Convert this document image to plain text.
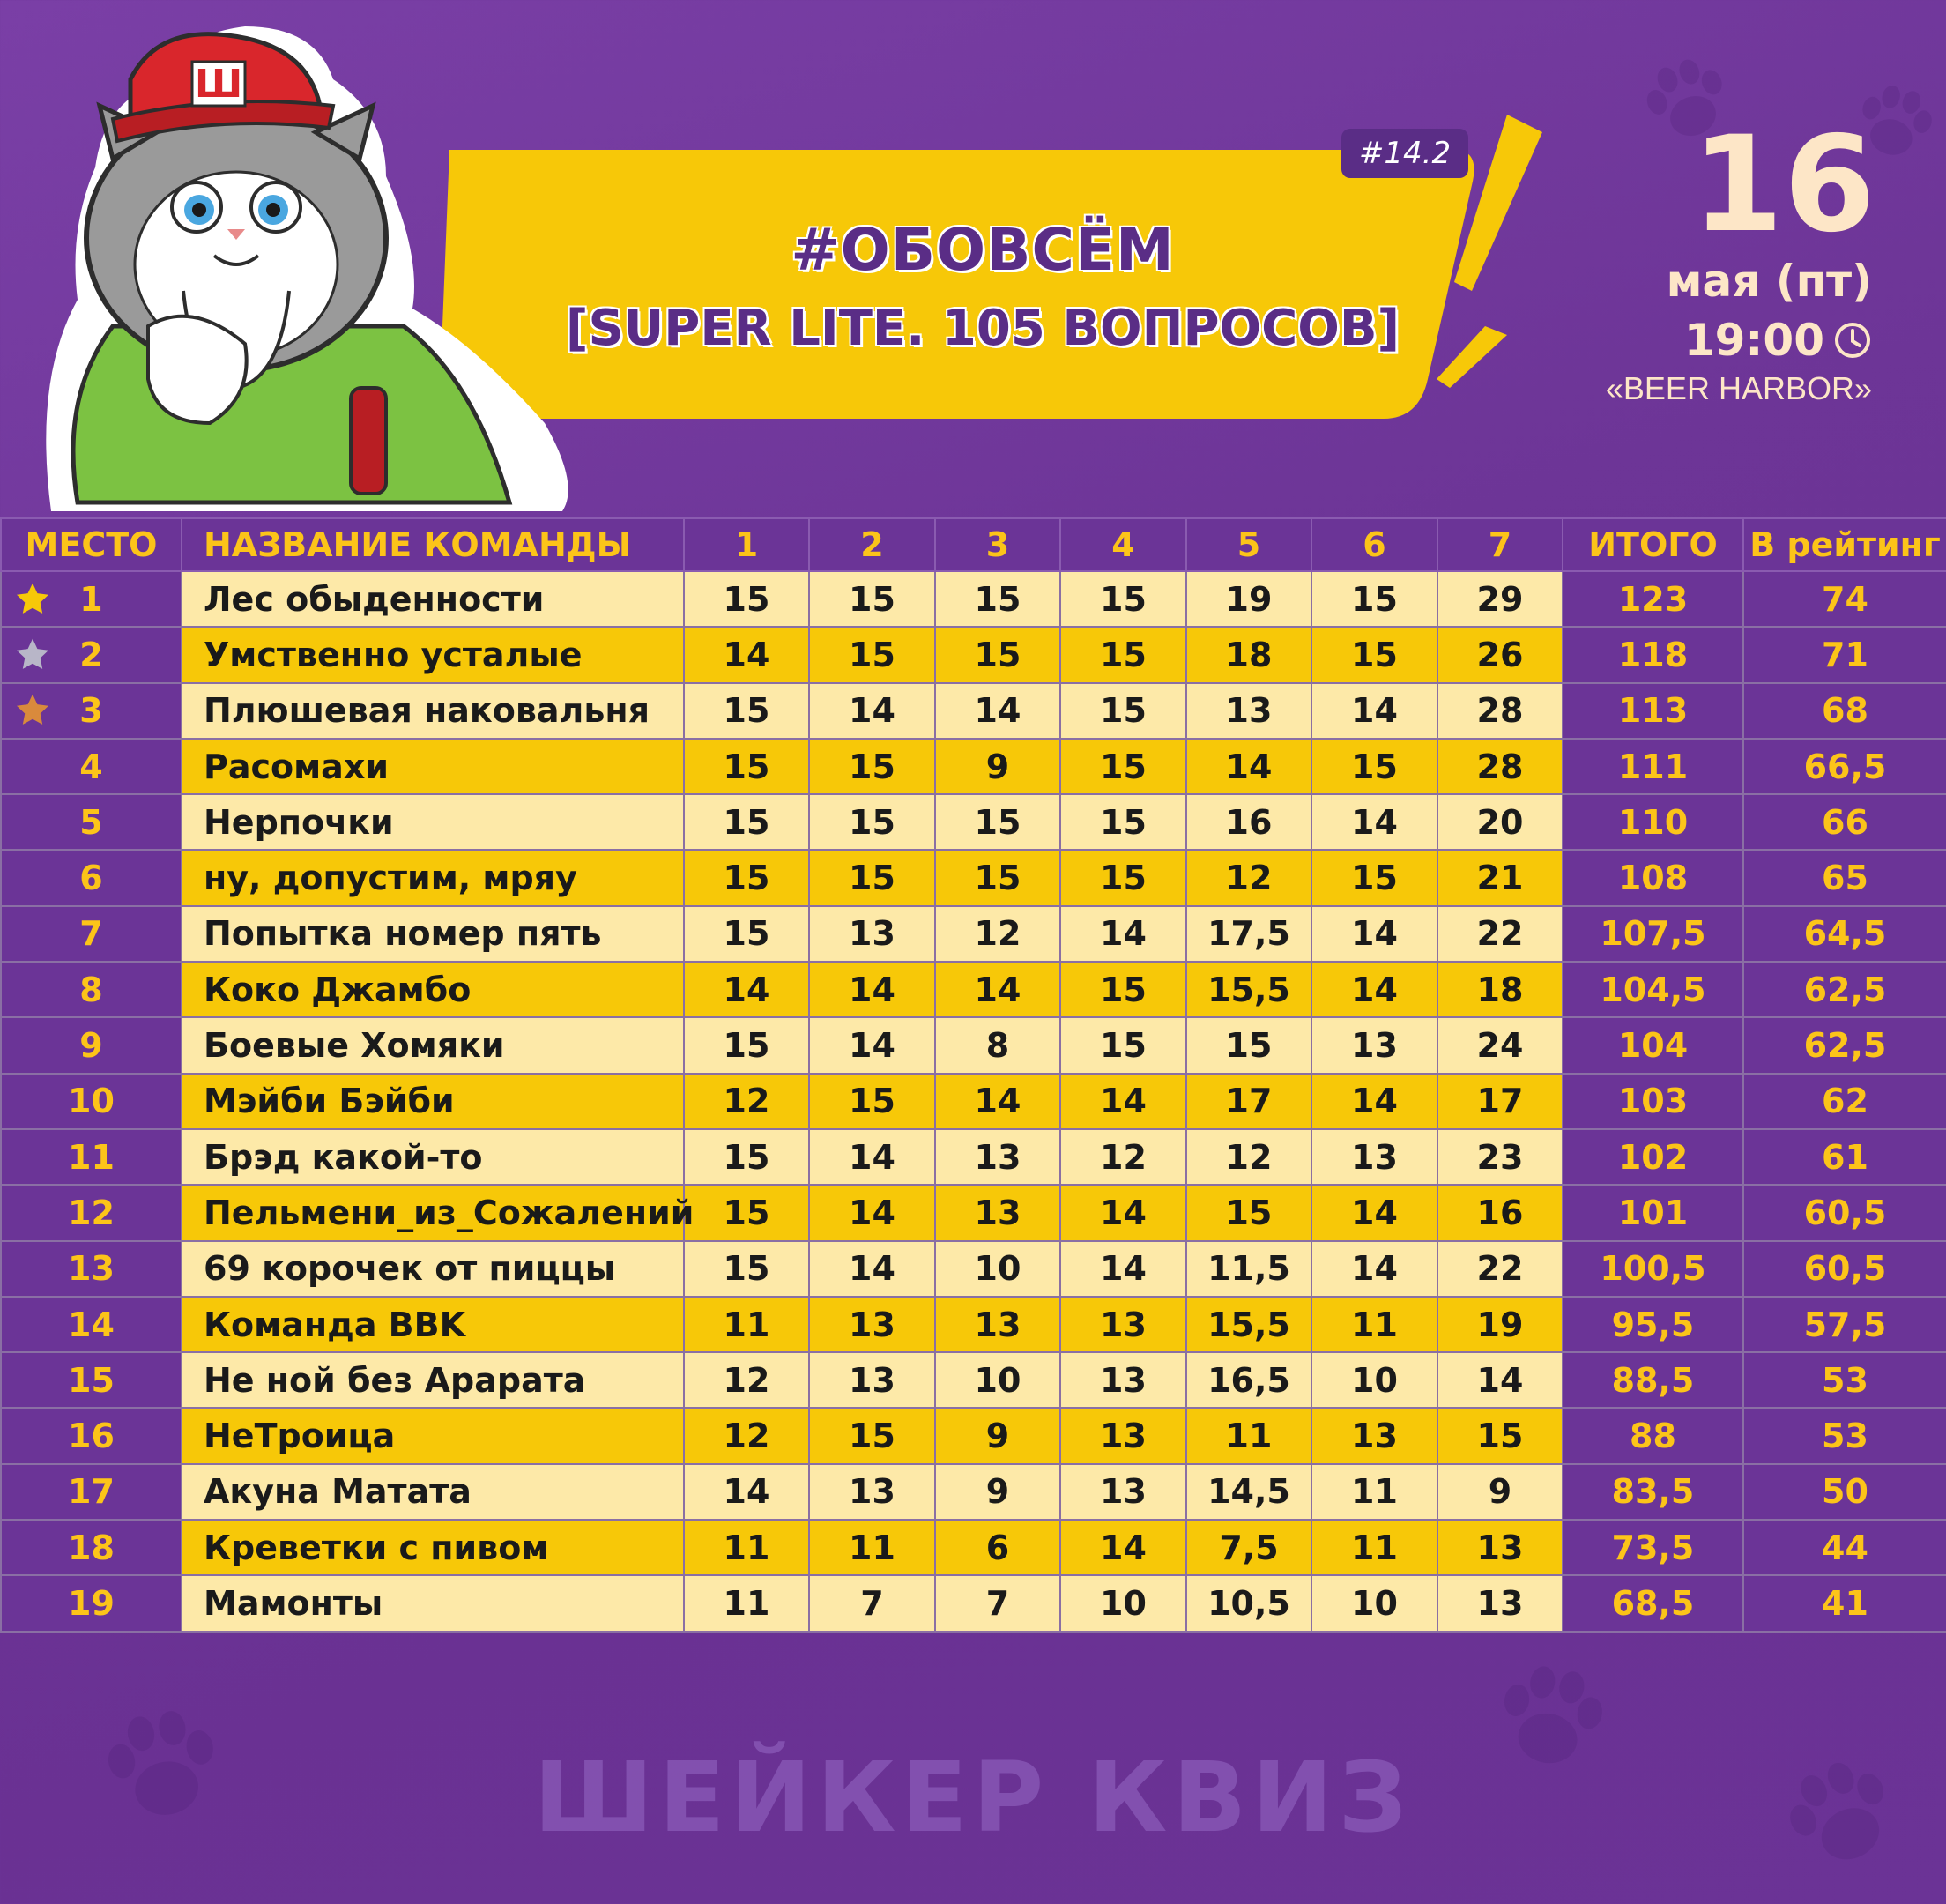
#14.2
#ОБОВСЁМ
[SUPER LITE. 105 ВОПРОСОВ]
Ш
16
мая (пт)
19:00
«BEER HARBOR»
МЕСТО	НАЗВАНИЕ КОМАНДЫ	1	2	3	4	5	6	7	ИТОГО	В рейтинг

1	Лес обыденности	15	15	15	15	19	15	29	123	74

2	Умственно усталые	14	15	15	15	18	15	26	118	71

3	Плюшевая наковальня	15	14	14	15	13	14	28	113	68
4	Расомахи	15	15	9	15	14	15	28	111	66,5
5	Нерпочки	15	15	15	15	16	14	20	110	66
6	ну, допустим, мряу	15	15	15	15	12	15	21	108	65
7	Попытка номер пять	15	13	12	14	17,5	14	22	107,5	64,5
8	Коко Джамбо	14	14	14	15	15,5	14	18	104,5	62,5
9	Боевые Хомяки	15	14	8	15	15	13	24	104	62,5
10	Мэйби Бэйби	12	15	14	14	17	14	17	103	62
11	Брэд какой-то	15	14	13	12	12	13	23	102	61
12	Пельмени_из_Сожалений	15	14	13	14	15	14	16	101	60,5
13	69 корочек от пиццы	15	14	10	14	11,5	14	22	100,5	60,5
14	Команда BBK	11	13	13	13	15,5	11	19	95,5	57,5
15	Не ной без Арарата	12	13	10	13	16,5	10	14	88,5	53
16	НеТроица	12	15	9	13	11	13	15	88	53
17	Акуна Матата	14	13	9	13	14,5	11	9	83,5	50
18	Креветки с пивом	11	11	6	14	7,5	11	13	73,5	44
19	Мамонты	11	7	7	10	10,5	10	13	68,5	41
ШЕЙКЕР КВИЗ
